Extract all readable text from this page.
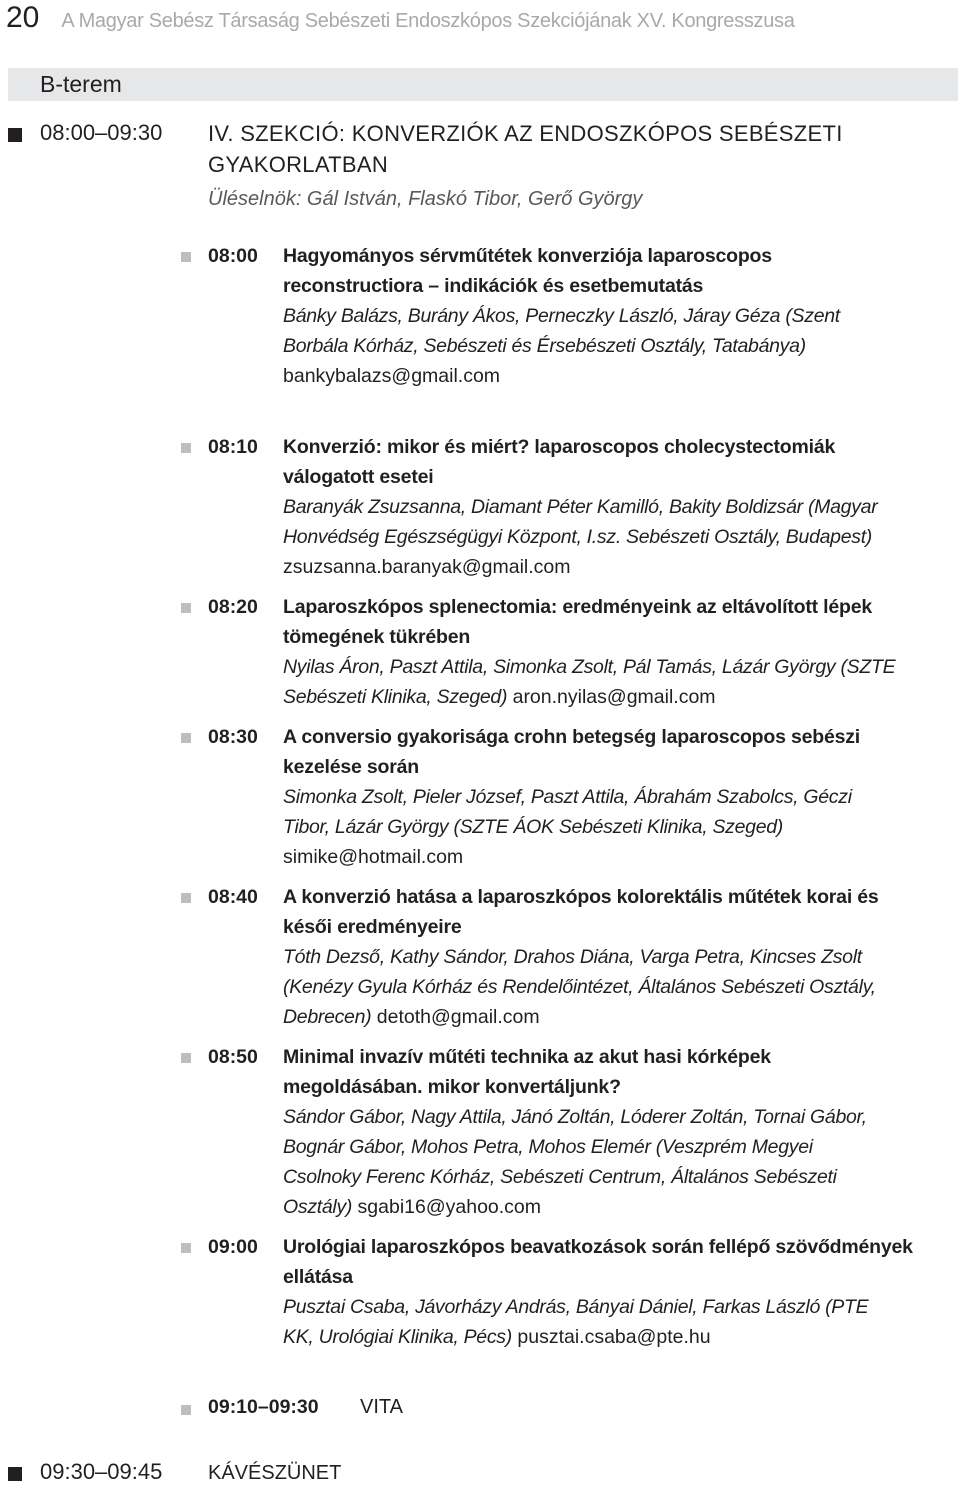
20 A Magyar Sebész Társaság Sebészeti Endoszkópos Szekciójának XV. Kongresszusa
B-terem
08:00–09:30 IV. SZEKCIÓ: KONVERZIÓK AZ ENDOSZKÓPOS SEBÉSZETI
GYAKORLATBAN
Üléselnök: Gál István, Flaskó Tibor, Gerő György
08:00 Hagyományos sérvműtétek konverziója laparoscopos
reconstructiora – indikációk és esetbemutatás
Bánky Balázs, Burány Ákos, Perneczky László, Járay Géza (Szent
Borbála Kórház, Sebészeti és Érsebészeti Osztály, Tatabánya)
bankybalazs@gmail.com
08:10 Konverzió: mikor és miért? laparoscopos cholecystectomiák
válogatott esetei
Baranyák Zsuzsanna, Diamant Péter Kamilló, Bakity Boldizsár (Magyar
Honvédség Egészségügyi Központ, I.sz. Sebészeti Osztály, Budapest)
zsuzsanna.baranyak@gmail.com
08:20 Laparoszkópos splenectomia: eredményeink az eltávolított lépek
tömegének tükrében
Nyilas Áron, Paszt Attila, Simonka Zsolt, Pál Tamás, Lázár György (SZTE
Sebészeti Klinika, Szeged) aron.nyilas@gmail.com
08:30 A conversio gyakorisága crohn betegség laparoscopos sebészi
kezelése során
Simonka Zsolt, Pieler József, Paszt Attila, Ábrahám Szabolcs, Géczi
Tibor, Lázár György (SZTE ÁOK Sebészeti Klinika, Szeged)
simike@hotmail.com
08:40 A konverzió hatása a laparoszkópos kolorektális műtétek korai és
késői eredményeire
Tóth Dezső, Kathy Sándor, Drahos Diána, Varga Petra, Kincses Zsolt
(Kenézy Gyula Kórház és Rendelőintézet, Általános Sebészeti Osztály,
Debrecen) detoth@gmail.com
08:50 Minimal invazív műtéti technika az akut hasi kórképek
megoldásában. mikor konvertáljunk?
Sándor Gábor, Nagy Attila, Jánó Zoltán, Lóderer Zoltán, Tornai Gábor,
Bognár Gábor, Mohos Petra, Mohos Elemér (Veszprém Megyei
Csolnoky Ferenc Kórház, Sebészeti Centrum, Általános Sebészeti
Osztály) sgabi16@yahoo.com
09:00 Urológiai laparoszkópos beavatkozások során fellépő szövődmények
ellátása
Pusztai Csaba, Jávorházy András, Bányai Dániel, Farkas László (PTE
KK, Urológiai Klinika, Pécs) pusztai.csaba@pte.hu
09:10–09:30 VITA
09:30–09:45 KÁVÉSZÜNET
